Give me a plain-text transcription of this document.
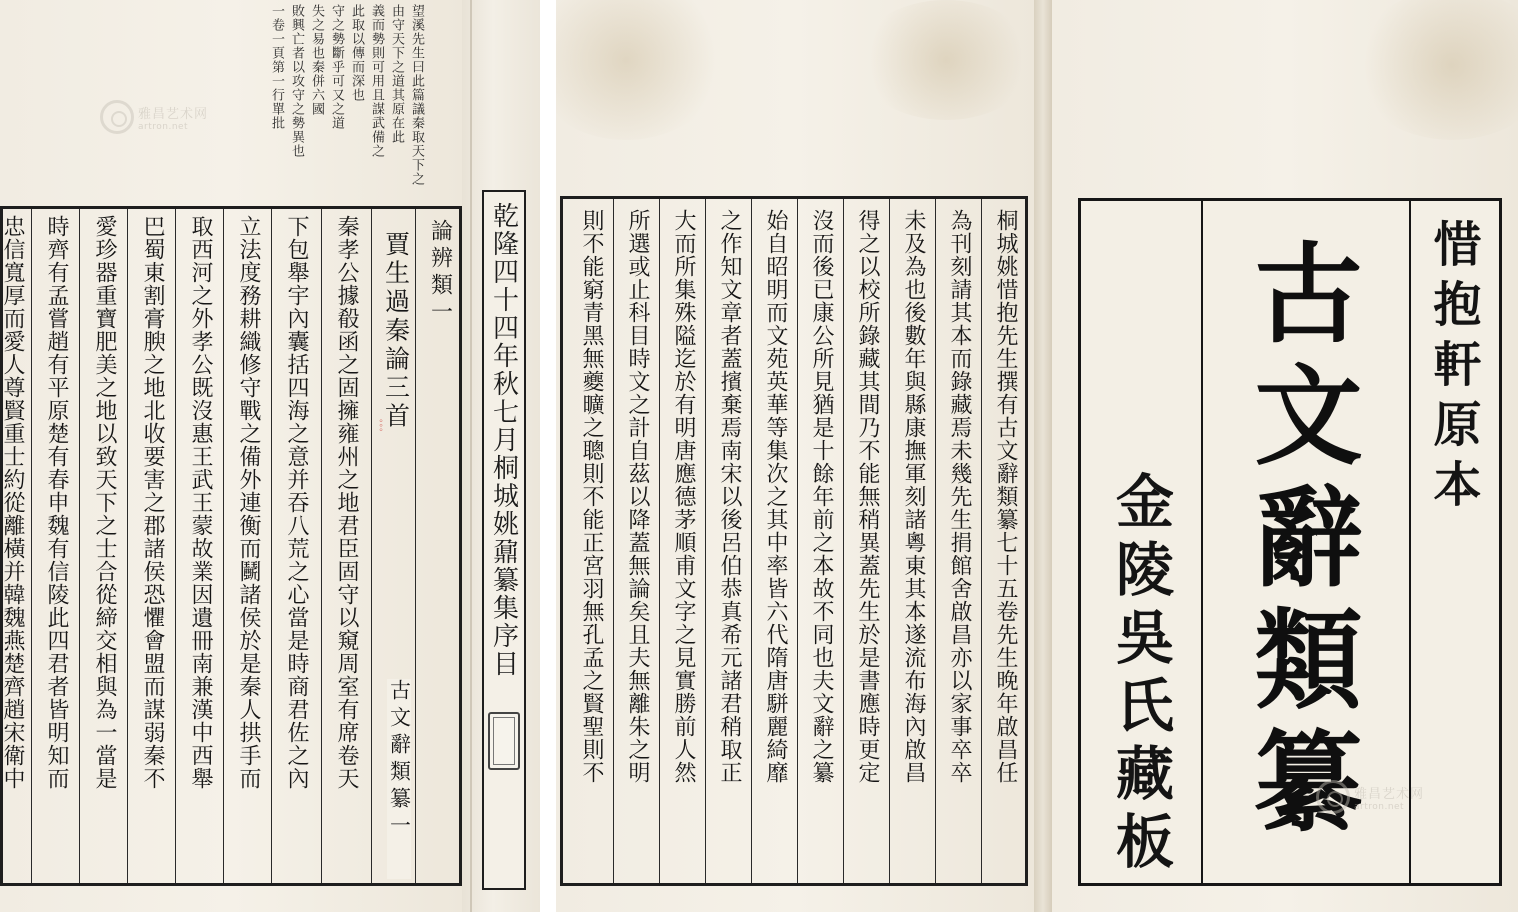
望溪先生曰此篇議秦取天下之
由守天下之道其原在此
義而勢則可用且謀武備之
此取以傳而深也
守之勢斷乎可又之道
失之易也秦併六國
敗興亡者以攻守之勢異也
一卷一頁第一行單批
論辨類一
賈生過秦論三首
秦孝公據殽函之固擁雍州之地君臣固守以窺周室有席卷天
下包舉宇內囊括四海之意并吞八荒之心當是時商君佐之內
立法度務耕織修守戰之備外連衡而鬭諸侯於是秦人拱手而
取西河之外孝公既沒惠王武王蒙故業因遺冊南兼漢中西舉
巴蜀東割膏腴之地北收要害之郡諸侯恐懼會盟而謀弱秦不
愛珍器重寶肥美之地以致天下之士合從締交相與為一當是
時齊有孟嘗趙有平原楚有春申魏有信陵此四君者皆明知而
忠信寬厚而愛人尊賢重士約從離橫并韓魏燕楚齊趙宋衛中	。。。
古文辭類纂一
乾隆四十四年秋七月桐城姚鼐纂集序目
雅昌艺术网
artron.net
桐城姚惜抱先生撰有古文辭類纂七十五卷先生晚年啟昌任
為刊刻請其本而錄藏焉未幾先生捐館舍啟昌亦以家事卒卒
未及為也後數年與縣康撫軍刻諸粵東其本遂流布海內啟昌
得之以校所錄藏其間乃不能無稍異蓋先生於是書應時更定
沒而後已康公所見猶是十餘年前之本故不同也夫文辭之纂
始自昭明而文苑英華等集次之其中率皆六代隋唐駢麗綺靡
之作知文章者蓋擯棄焉南宋以後呂伯恭真希元諸君稍取正
大而所集殊隘迄於有明唐應德茅順甫文字之見實勝前人然
所選或止科目時文之計自茲以降蓋無論矣且夫無離朱之明
則不能窮青黑無夔曠之聰則不能正宮羽無孔孟之賢聖則不	惜抱軒原本
古文辭類纂
金陵吳氏藏板	雅昌艺术网
artron.net
